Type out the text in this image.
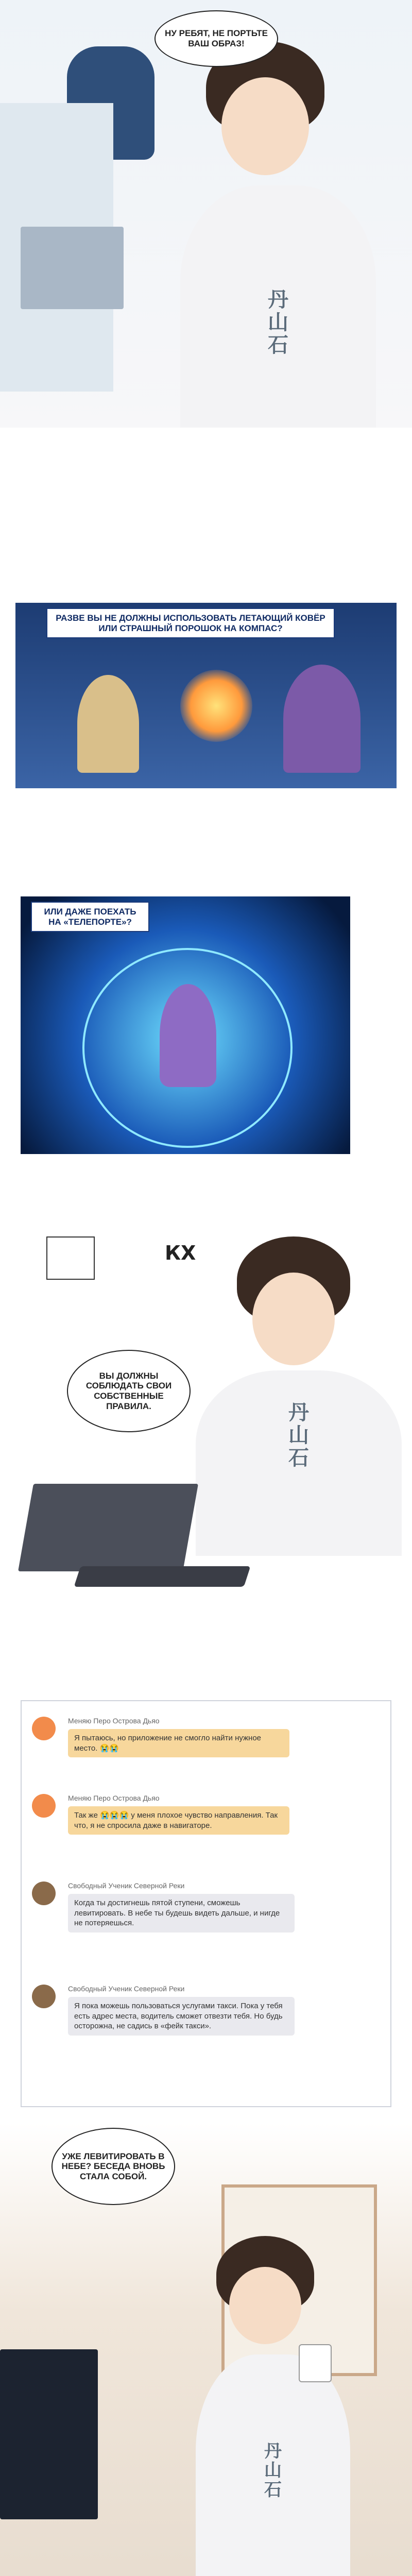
丹
山
石
НУ РЕБЯТ, НЕ ПОРТЬТЕ ВАШ ОБРАЗ!
РАЗВЕ ВЫ НЕ ДОЛЖНЫ ИСПОЛЬЗОВАТЬ ЛЕТАЮЩИЙ КОВЁР ИЛИ СТРАШНЫЙ ПОРОШОК НА КОМПАС?
ИЛИ ДАЖЕ ПОЕХАТЬ НА «ТЕЛЕПОРТЕ»?
КХ
丹
山
石
ВЫ ДОЛЖНЫ СОБЛЮДАТЬ СВОИ СОБСТВЕННЫЕ ПРАВИЛА.
Меняю Перо Острова Дьяо
Я пытаюсь, но приложение не смогло найти нужное место. 😭😭
Меняю Перо Острова Дьяо
Так же 😭😭😭 у меня плохое чувство направления. Так что, я не спросила даже в навигаторе.
Свободный Ученик Северной Реки
Когда ты достигнешь пятой ступени, сможешь левитировать. В небе ты будешь видеть дальше, и нигде не потеряешься.
Свободный Ученик Северной Реки
Я пока можешь пользоваться услугами такси. Пока у тебя есть адрес места, водитель сможет отвезти тебя. Но будь осторожна, не садись в «фейк такси».
丹
山
石
УЖЕ ЛЕВИТИРОВАТЬ В НЕБЕ? БЕСЕДА ВНОВЬ СТАЛА СОБОЙ.
